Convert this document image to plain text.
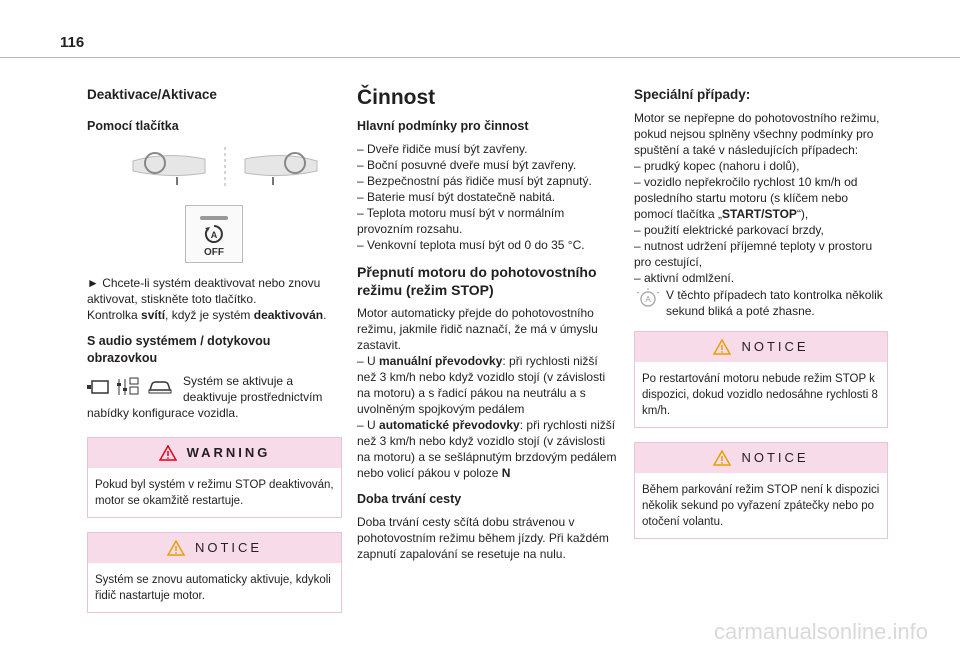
116
Deaktivace/Aktivace
Pomocí tlačítka
A
OFF

► Chcete-li systém deaktivovat nebo znovu aktivovat, stiskněte toto tlačítko.
Kontrolka svítí, když je systém deaktivován.

S audio systémem / dotykovou obrazovkou
Systém se aktivuje a deaktivuje prostřednictvím nabídky konfigurace vozidla.
WARNING
Pokud byl systém v režimu STOP deaktivován, motor se okamžitě restartuje.
NOTICE
Systém se znovu automaticky aktivuje, kdykoli řidič nastartuje motor.
Činnost
Hlavní podmínky pro činnost
– Dveře řidiče musí být zavřeny.
– Boční posuvné dveře musí být zavřeny.
– Bezpečnostní pás řidiče musí být zapnutý.
– Baterie musí být dostatečně nabitá.
– Teplota motoru musí být v normálním provozním rozsahu.
– Venkovní teplota musí být od 0 do 35 °C.
Přepnutí motoru do pohotovostního režimu (režim STOP)

Motor automaticky přejde do pohotovostního režimu, jakmile řidič naznačí, že má v úmyslu zastavit.

– U manuální převodovky: při rychlosti nižší než 3 km/h nebo když vozidlo stojí (v závislosti na motoru) a s řadicí pákou na neutrálu a s uvolněným spojkovým pedálem

– U automatické převodovky: při rychlosti nižší než 3 km/h nebo když vozidlo stojí (v závislosti na motoru) a se sešlápnutým brzdovým pedálem nebo volicí pákou v poloze N

Doba trvání cesty

Doba trvání cesty sčítá dobu strávenou v pohotovostním režimu během jízdy. Při každém zapnutí zapalování se resetuje na nulu.

Speciální případy:

Motor se nepřepne do pohotovostního režimu, pokud nejsou splněny všechny podmínky pro spuštění a také v následujících případech:

– prudký kopec (nahoru i dolů),
– vozidlo nepřekročilo rychlost 10 km/h od posledního startu motoru (s klíčem nebo pomocí tlačítka „START/STOP“),
– použití elektrické parkovací brzdy,
– nutnost udržení příjemné teploty v prostoru pro cestující,
– aktivní odmlžení.
A V těchto případech tato kontrolka několik sekund bliká a poté zhasne.
NOTICE
Po restartování motoru nebude režim STOP k dispozici, dokud vozidlo nedosáhne rychlosti 8 km/h.
NOTICE
Během parkování režim STOP není k dispozici několik sekund po vyřazení zpátečky nebo po otočení volantu.
carmanualsonline.info
